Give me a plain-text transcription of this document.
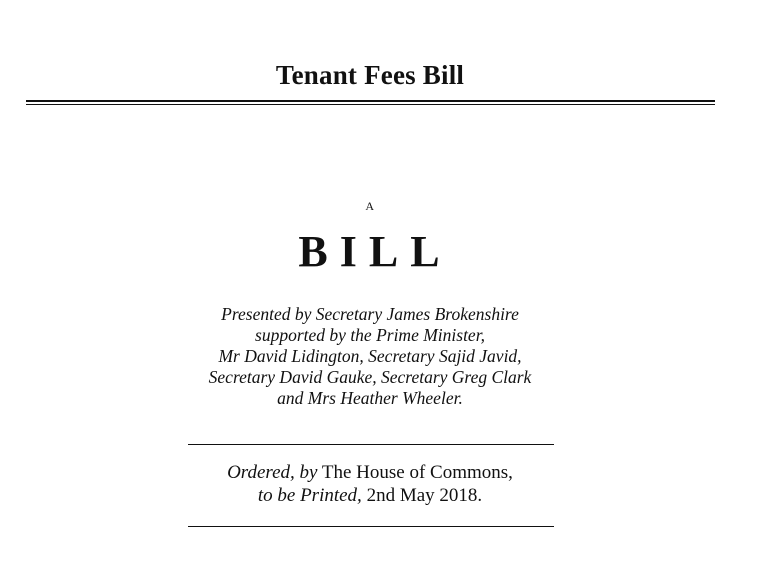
Tenant Fees Bill
A
BILL
Presented by Secretary James Brokenshire
supported by the Prime Minister,
Mr David Lidington, Secretary Sajid Javid,
Secretary David Gauke, Secretary Greg Clark
and Mrs Heather Wheeler.
Ordered, by The House of Commons,
to be Printed, 2nd May 2018.
